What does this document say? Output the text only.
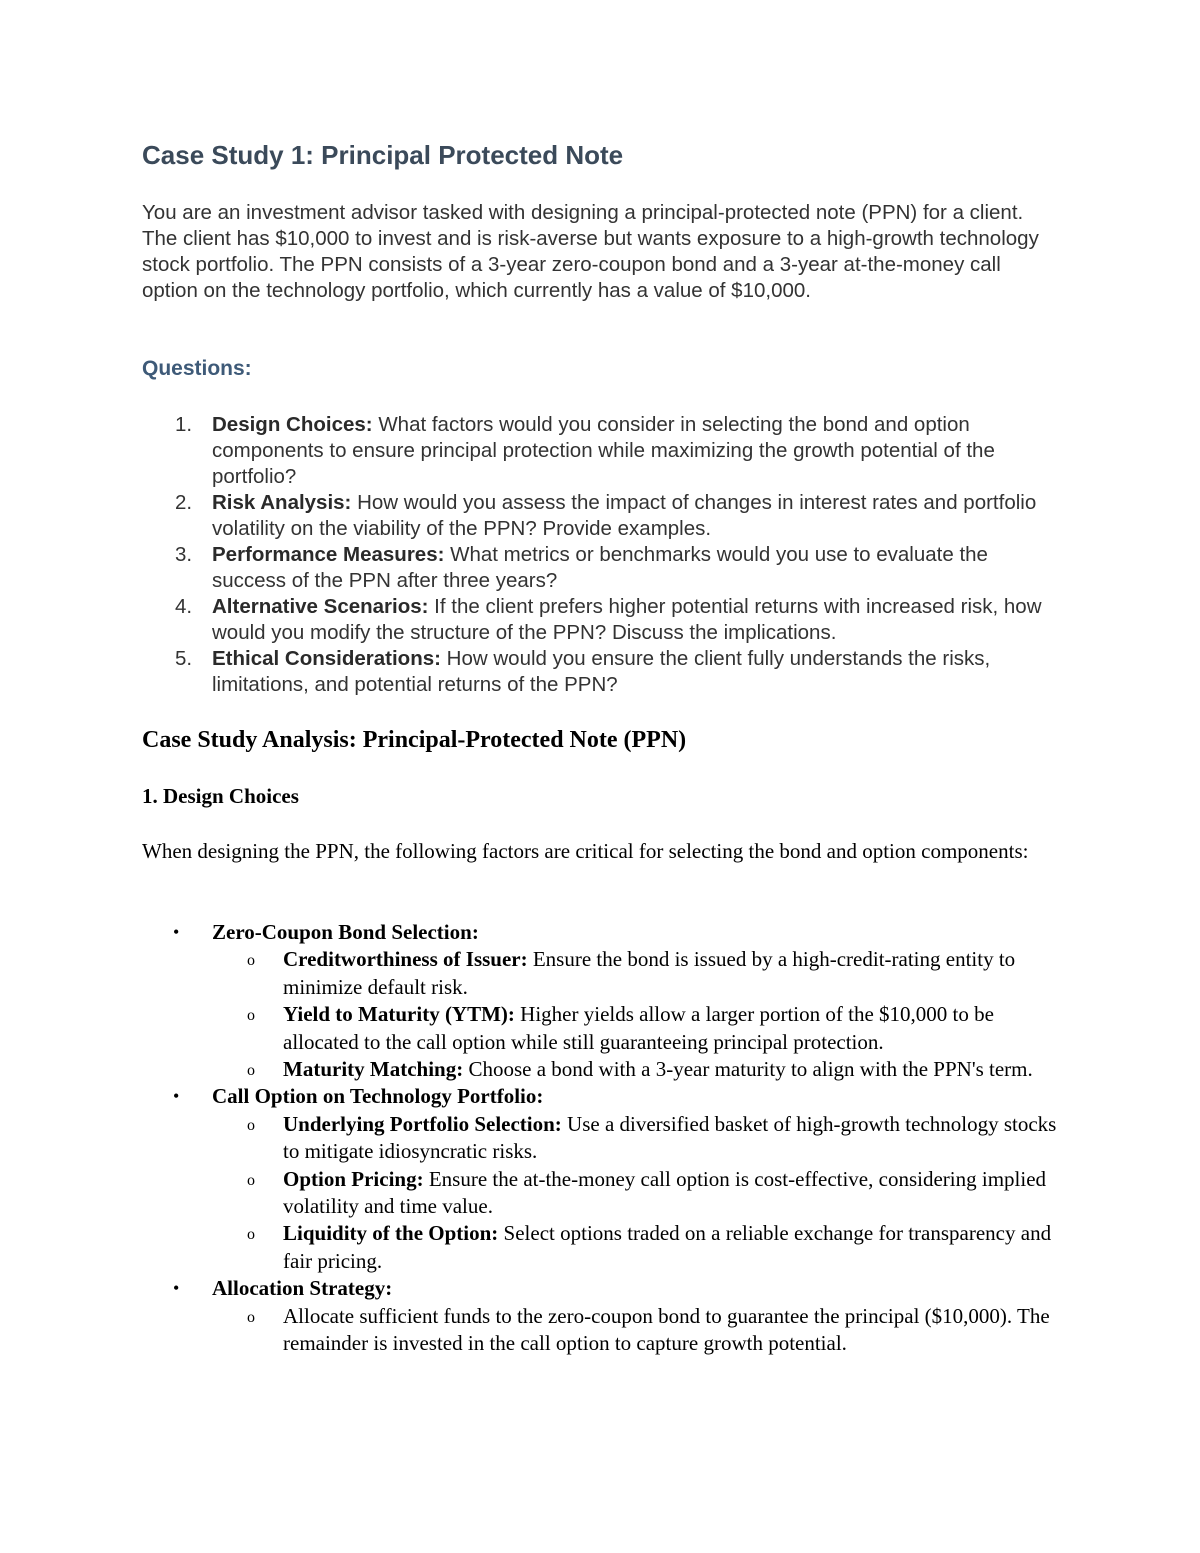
Case Study 1: Principal Protected Note

You are an investment advisor tasked with designing a principal-protected note (PPN) for a client. The client has $10,000 to invest and is risk-averse but wants exposure to a high-growth technology stock portfolio. The PPN consists of a 3-year zero-coupon bond and a 3-year at-the-money call option on the technology portfolio, which currently has a value of $10,000.

Questions:
1. Design Choices: What factors would you consider in selecting the bond and option components to ensure principal protection while maximizing the growth potential of the portfolio?
2. Risk Analysis: How would you assess the impact of changes in interest rates and portfolio volatility on the viability of the PPN? Provide examples.
3. Performance Measures: What metrics or benchmarks would you use to evaluate the success of the PPN after three years?
4. Alternative Scenarios: If the client prefers higher potential returns with increased risk, how would you modify the structure of the PPN? Discuss the implications.
5. Ethical Considerations: How would you ensure the client fully understands the risks, limitations, and potential returns of the PPN?
Case Study Analysis: Principal-Protected Note (PPN)
1. Design Choices

When designing the PPN, the following factors are critical for selecting the bond and option components:

• Zero-Coupon Bond Selection:
o Creditworthiness of Issuer: Ensure the bond is issued by a high-credit-rating entity to minimize default risk.
o Yield to Maturity (YTM): Higher yields allow a larger portion of the $10,000 to be allocated to the call option while still guaranteeing principal protection.
o Maturity Matching: Choose a bond with a 3-year maturity to align with the PPN's term.
• Call Option on Technology Portfolio:
o Underlying Portfolio Selection: Use a diversified basket of high-growth technology stocks to mitigate idiosyncratic risks.
o Option Pricing: Ensure the at-the-money call option is cost-effective, considering implied volatility and time value.
o Liquidity of the Option: Select options traded on a reliable exchange for transparency and fair pricing.
• Allocation Strategy:
o Allocate sufficient funds to the zero-coupon bond to guarantee the principal ($10,000). The remainder is invested in the call option to capture growth potential.
